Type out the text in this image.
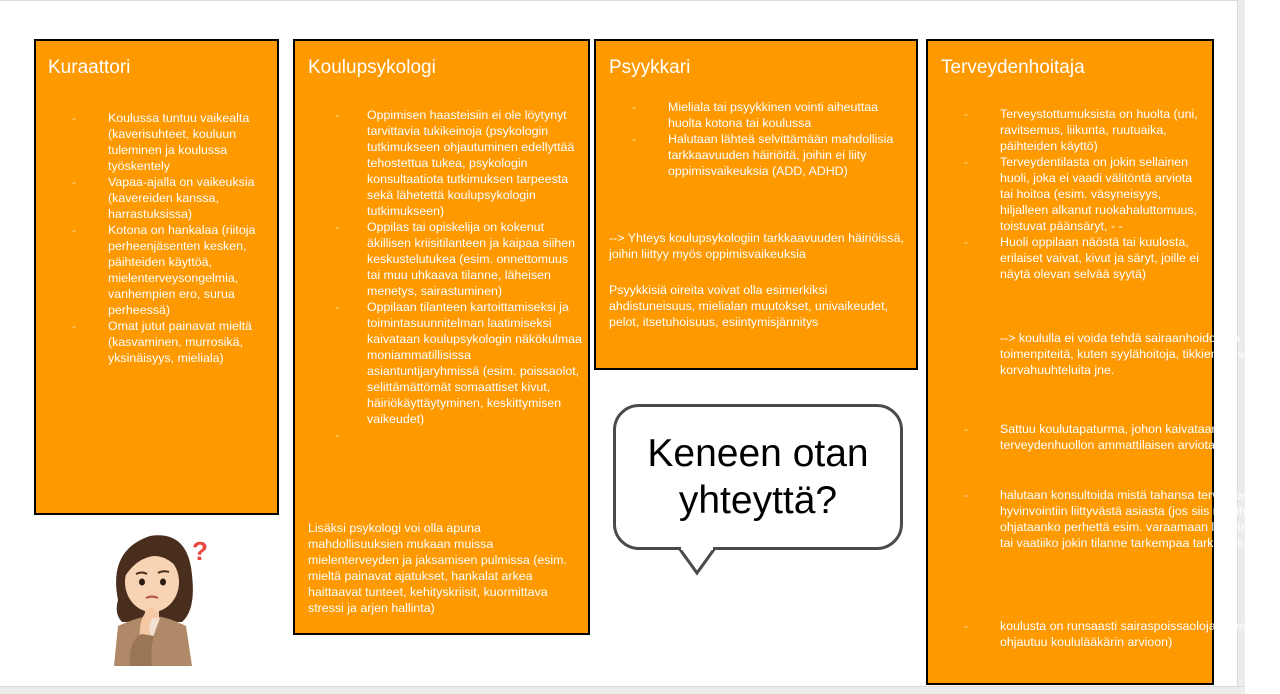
Kuraattori
- Koulussa tuntuu vaikealta (kaverisuhteet, kouluun tuleminen ja koulussa työskentely
- Vapaa-ajalla on vaikeuksia (kavereiden kanssa, harrastuksissa)
- Kotona on hankalaa (riitoja perheenjäsenten kesken, päihteiden käyttöä, mielenterveysongelmia, vanhempien ero, surua perheessä)
- Omat jutut painavat mieltä (kasvaminen, murrosikä, yksinäisyys, mieliala)
Koulupsykologi
- Oppimisen haasteisiin ei ole löytynyt tarvittavia tukikeinoja (psykologin tutkimukseen ohjautuminen edellyttää tehostettua tukea, psykologin konsultaatiota tutkimuksen tarpeesta sekä lähetettä koulupsykologin tutkimukseen)
- Oppilas tai opiskelija on kokenut äkillisen kriisitilanteen ja kaipaa siihen keskustelutukea (esim. onnettomuus tai muu uhkaava tilanne, läheisen menetys, sairastuminen)
- Oppilaan tilanteen kartoittamiseksi ja toimintasuunnitelman laatimiseksi kaivataan koulupsykologin näkökulmaa moniammatillisissa asiantuntijaryhmissä (esim. poissaolot, selittämättömät somaattiset kivut, häiriökäyttäytyminen, keskittymisen vaikeudet)
-
Lisäksi psykologi voi olla apuna mahdollisuuksien mukaan muissa mielenterveyden ja jaksamisen pulmissa (esim. mieltä painavat ajatukset, hankalat arkea haittaavat tunteet, kehityskriisit, kuormittava stressi ja arjen hallinta)
Psyykkari
- Mieliala tai psyykkinen vointi aiheuttaa huolta kotona tai koulussa
- Halutaan lähteä selvittämään mahdollisia tarkkaavuuden häiriöitä, joihin ei liity oppimisvaikeuksia (ADD, ADHD)
--> Yhteys koulupsykologiin tarkkaavuuden häiriöissä, joihin liittyy myös oppimisvaikeuksia
Psyykkisiä oireita voivat olla esimerkiksi ahdistuneisuus, mielialan muutokset, univaikeudet, pelot, itsetuhoisuus, esiintymisjännitys
Terveydenhoitaja
- Terveystottumuksista on huolta (uni, ravitsemus, liikunta, ruutuaika, päihteiden käyttö)
- Terveydentilasta on jokin sellainen huoli, joka ei vaadi välitöntä arviota tai hoitoa (esim. väsyneisyys, hiljalleen alkanut ruokahaluttomuus, toistuvat päänsäryt, - -
- Huoli oppilaan näöstä tai kuulosta, erilaiset vaivat, kivut ja säryt, joille ei näytä olevan selvää syytä)
--> koululla ei voida tehdä sairaanhoidollisia toimenpiteitä, kuten syylähoitoja, tikkien poistoa, korvahuuhteluita jne.
- Sattuu koulutapaturma, johon kaivataan terveydenhuollon ammattilaisen arviota
- halutaan konsultoida mistä tahansa terveyteen ja hyvinvointiin liittyvästä asiasta (jos siis mietityttää, ohjataanko perhettä esim. varaamaan lääkäriaika tai vaatiiko jokin tilanne tarkempaa tarkastelua)
- koulusta on runsaasti sairaspoissaoloja (yleensä ohjautuu koululääkärin arvioon)
Keneen otan yhteyttä?
?
